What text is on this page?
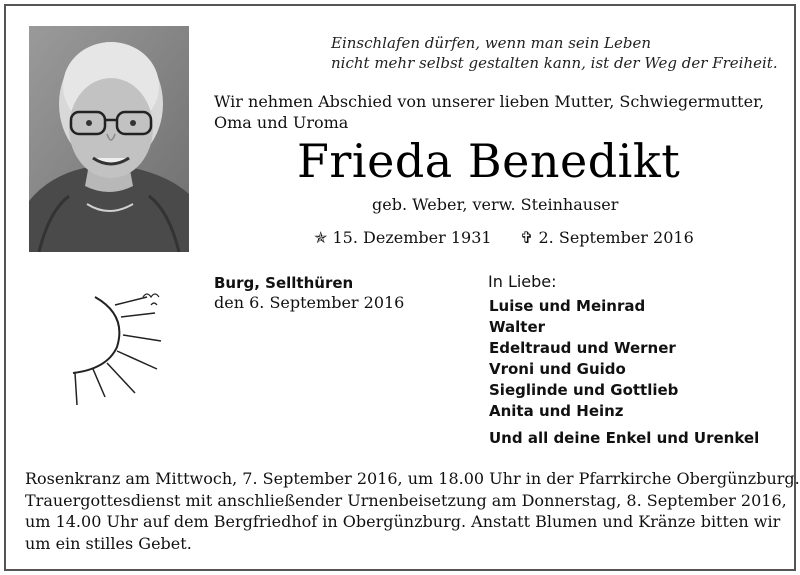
Einschlafen dürfen, wenn man sein Leben
nicht mehr selbst gestalten kann, ist der Weg der Freiheit.
Wir nehmen Abschied von unserer lieben Mutter, Schwiegermutter,
Oma und Uroma
Frieda Benedikt
geb. Weber, verw. Steinhauser
✯ 15. Dezember 1931 ✞ 2. September 2016
Burg, Sellthüren
den 6. September 2016
In Liebe:
Luise und Meinrad
Walter
Edeltraud und Werner
Vroni und Guido
Sieglinde und Gottlieb
Anita und Heinz
Und all deine Enkel und Urenkel
Rosenkranz am Mittwoch, 7. September 2016, um 18.00 Uhr in der Pfarrkirche Obergünzburg.
Trauergottesdienst mit anschließender Urnenbeisetzung am Donnerstag, 8. September 2016,
um 14.00 Uhr auf dem Bergfriedhof in Obergünzburg. Anstatt Blumen und Kränze bitten wir
um ein stilles Gebet.
